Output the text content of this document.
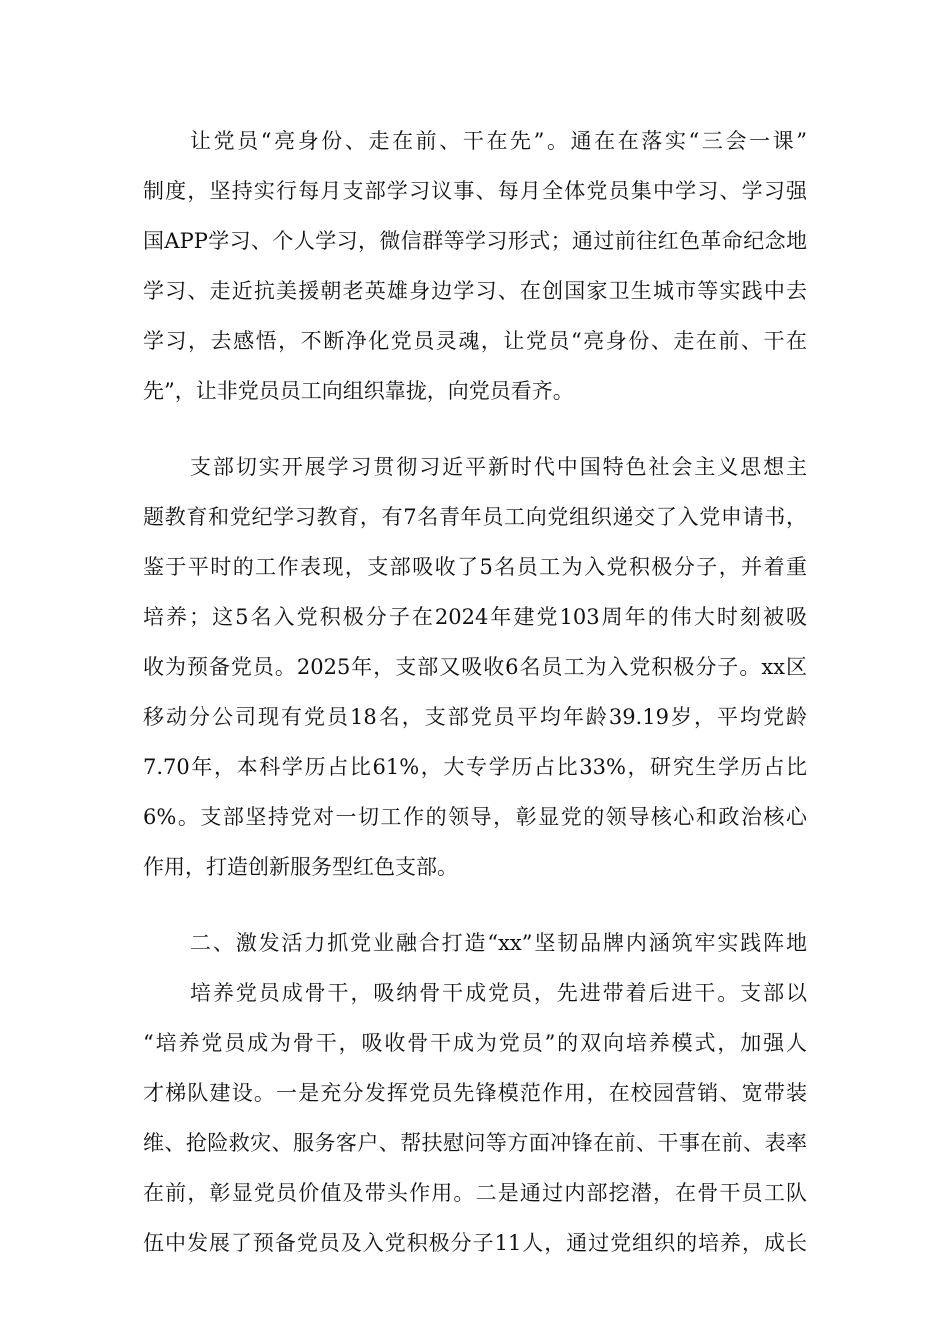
让党员“亮身份、走在前、干在先”。通在在落实“三会一课”
制度，坚持实行每月支部学习议事、每月全体党员集中学习、学习强
国APP学习、个人学习，微信群等学习形式；通过前往红色革命纪念地
学习、走近抗美援朝老英雄身边学习、在创国家卫生城市等实践中去
学习，去感悟，不断净化党员灵魂，让党员“亮身份、走在前、干在
先”，让非党员员工向组织靠拢，向党员看齐。
支部切实开展学习贯彻习近平新时代中国特色社会主义思想主
题教育和党纪学习教育，有7名青年员工向党组织递交了入党申请书，
鉴于平时的工作表现，支部吸收了5名员工为入党积极分子，并着重
培养；这5名入党积极分子在2024年建党103周年的伟大时刻被吸
收为预备党员。2025年，支部又吸收6名员工为入党积极分子。xx区
移动分公司现有党员18名，支部党员平均年龄39.19岁，平均党龄
7.70年，本科学历占比61%，大专学历占比33%，研究生学历占比
6%。支部坚持党对一切工作的领导，彰显党的领导核心和政治核心
作用，打造创新服务型红色支部。
二、激发活力抓党业融合打造“xx”坚韧品牌内涵筑牢实践阵地
培养党员成骨干，吸纳骨干成党员，先进带着后进干。支部以
“培养党员成为骨干，吸收骨干成为党员”的双向培养模式，加强人
才梯队建设。一是充分发挥党员先锋模范作用，在校园营销、宽带装
维、抢险救灾、服务客户、帮扶慰问等方面冲锋在前、干事在前、表率
在前，彰显党员价值及带头作用。二是通过内部挖潜，在骨干员工队
伍中发展了预备党员及入党积极分子11人，通过党组织的培养，成长
